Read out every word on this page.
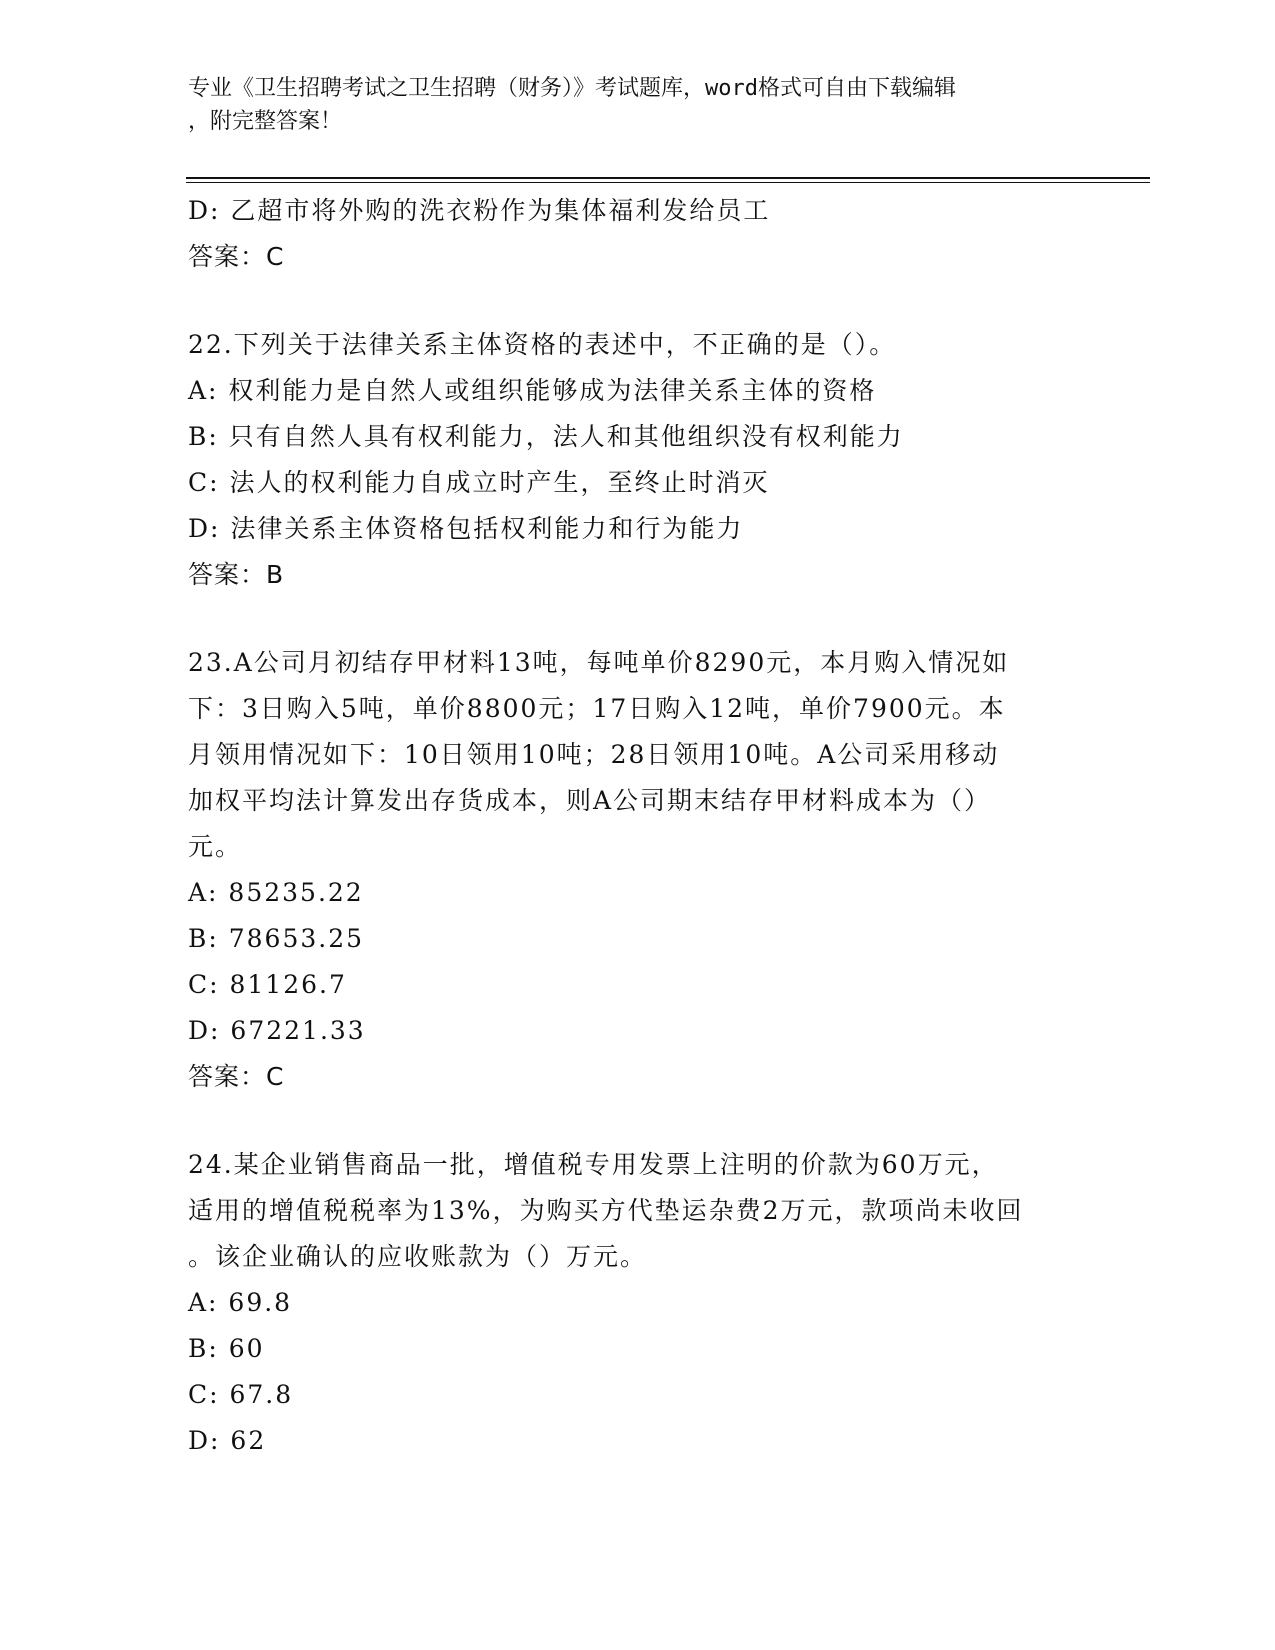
专业《卫生招聘考试之卫生招聘（财务）》考试题库，word格式可自由下载编辑
，附完整答案！
D: 乙超市将外购的洗衣粉作为集体福利发给员工
答案：C
22.下列关于法律关系主体资格的表述中，不正确的是（）。
A: 权利能力是自然人或组织能够成为法律关系主体的资格
B: 只有自然人具有权利能力，法人和其他组织没有权利能力
C: 法人的权利能力自成立时产生，至终止时消灭
D: 法律关系主体资格包括权利能力和行为能力
答案：B
23.A公司月初结存甲材料13吨，每吨单价8290元，本月购入情况如
下：3日购入5吨，单价8800元；17日购入12吨，单价7900元。本
月领用情况如下：10日领用10吨；28日领用10吨。A公司采用移动
加权平均法计算发出存货成本，则A公司期末结存甲材料成本为（）
元。
A: 85235.22
B: 78653.25
C: 81126.7
D: 67221.33
答案：C
24.某企业销售商品一批，增值税专用发票上注明的价款为60万元，
适用的增值税税率为13%，为购买方代垫运杂费2万元，款项尚未收回
。该企业确认的应收账款为（）万元。
A: 69.8
B: 60
C: 67.8
D: 62
